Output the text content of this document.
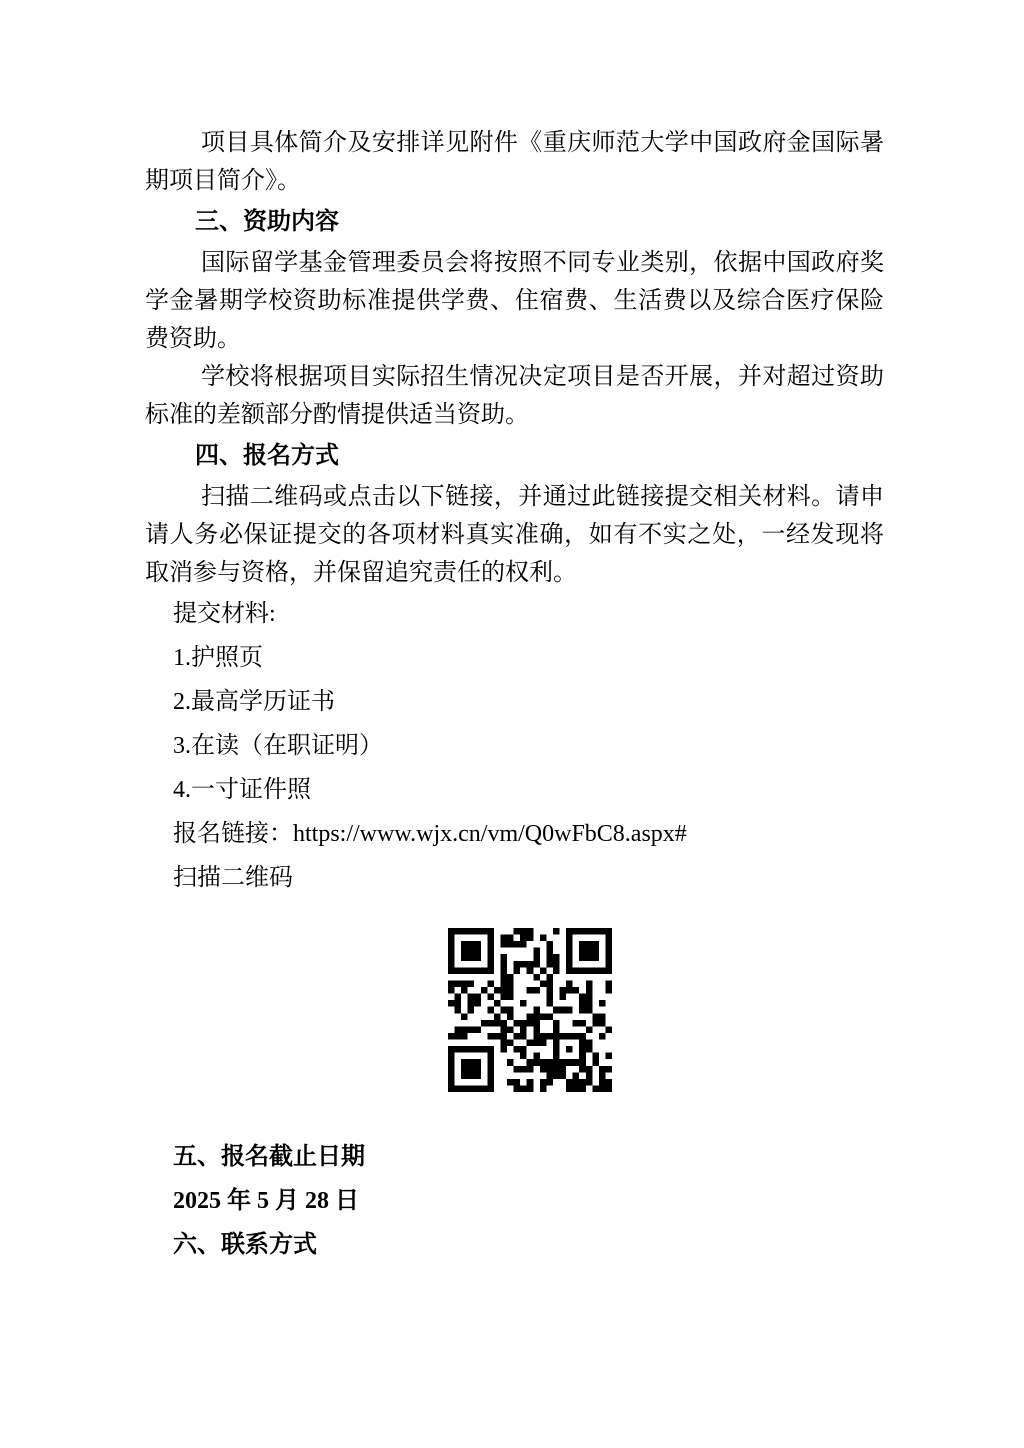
项目具体简介及安排详见附件《重庆师范大学中国政府金国际暑期项目简介》。

三、资助内容

国际留学基金管理委员会将按照不同专业类别，依据中国政府奖学金暑期学校资助标准提供学费、住宿费、生活费以及综合医疗保险费资助。

学校将根据项目实际招生情况决定项目是否开展，并对超过资助标准的差额部分酌情提供适当资助。

四、报名方式

扫描二维码或点击以下链接，并通过此链接提交相关材料。请申请人务必保证提交的各项材料真实准确，如有不实之处，一经发现将取消参与资格，并保留追究责任的权利。

提交材料:
1.护照页
2.最高学历证书
3.在读（在职证明）
4.一寸证件照
报名链接：https://www.wjx.cn/vm/Q0wFbC8.aspx#
扫描二维码
五、报名截止日期
2025 年 5 月 28 日
六、联系方式
